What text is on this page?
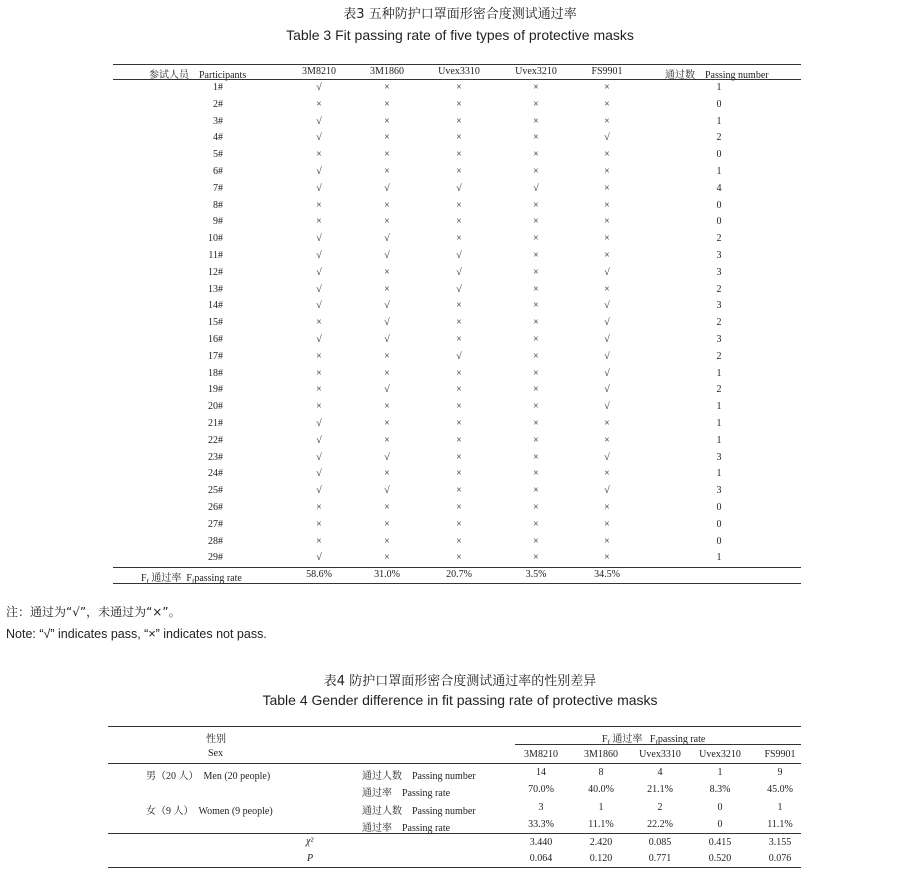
表3 五种防护口罩面形密合度测试通过率
Table 3 Fit passing rate of five types of protective masks
参试人员　Participants	3M8210	3M1860	Uvex3310	Uvex3210	FS9901	通过数　Passing number
1#	√	×	×	×	×	1
2#	×	×	×	×	×	0
3#	√	×	×	×	×	1
4#	√	×	×	×	√	2
5#	×	×	×	×	×	0
6#	√	×	×	×	×	1
7#	√	√	√	√	×	4
8#	×	×	×	×	×	0
9#	×	×	×	×	×	0
10#	√	√	×	×	×	2
11#	√	√	√	×	×	3
12#	√	×	√	×	√	3
13#	√	×	√	×	×	2
14#	√	√	×	×	√	3
15#	×	√	×	×	√	2
16#	√	√	×	×	√	3
17#	×	×	√	×	√	2
18#	×	×	×	×	√	1
19#	×	√	×	×	√	2
20#	×	×	×	×	√	1
21#	√	×	×	×	×	1
22#	√	×	×	×	×	1
23#	√	√	×	×	√	3
24#	√	×	×	×	×	1
25#	√	√	×	×	√	3
26#	×	×	×	×	×	0
27#	×	×	×	×	×	0
28#	×	×	×	×	×	0
29#	√	×	×	×	×	1
$F_f$ 通过率  $F_fpassing$ rate	58.6%	31.0%	20.7%	3.5%	34.5%
注：通过为“√”，未通过为“×”。
Note: “√” indicates pass, “×” indicates not pass.
表4 防护口罩面形密合度测试通过率的性别差异
Table 4 Gender difference in fit passing rate of protective masks
性别
Sex
$F_f$ 通过率   $F_fpassing$ rate
3M8210	3M1860	Uvex3310	Uvex3210	FS9901
男（20 人）　Men (20 people)	通过人数　Passing number	14	8	4	1	9
通过率　Passing rate	70.0%	40.0%	21.1%	8.3%	45.0%
女（9 人）　Women (9 people)	通过人数　Passing number	3	1	2	0	1
通过率　Passing rate	33.3%	11.1%	22.2%	0	11.1%
χ²	3.440	2.420	0.085	0.415	3.155
P	0.064	0.120	0.771	0.520	0.076
